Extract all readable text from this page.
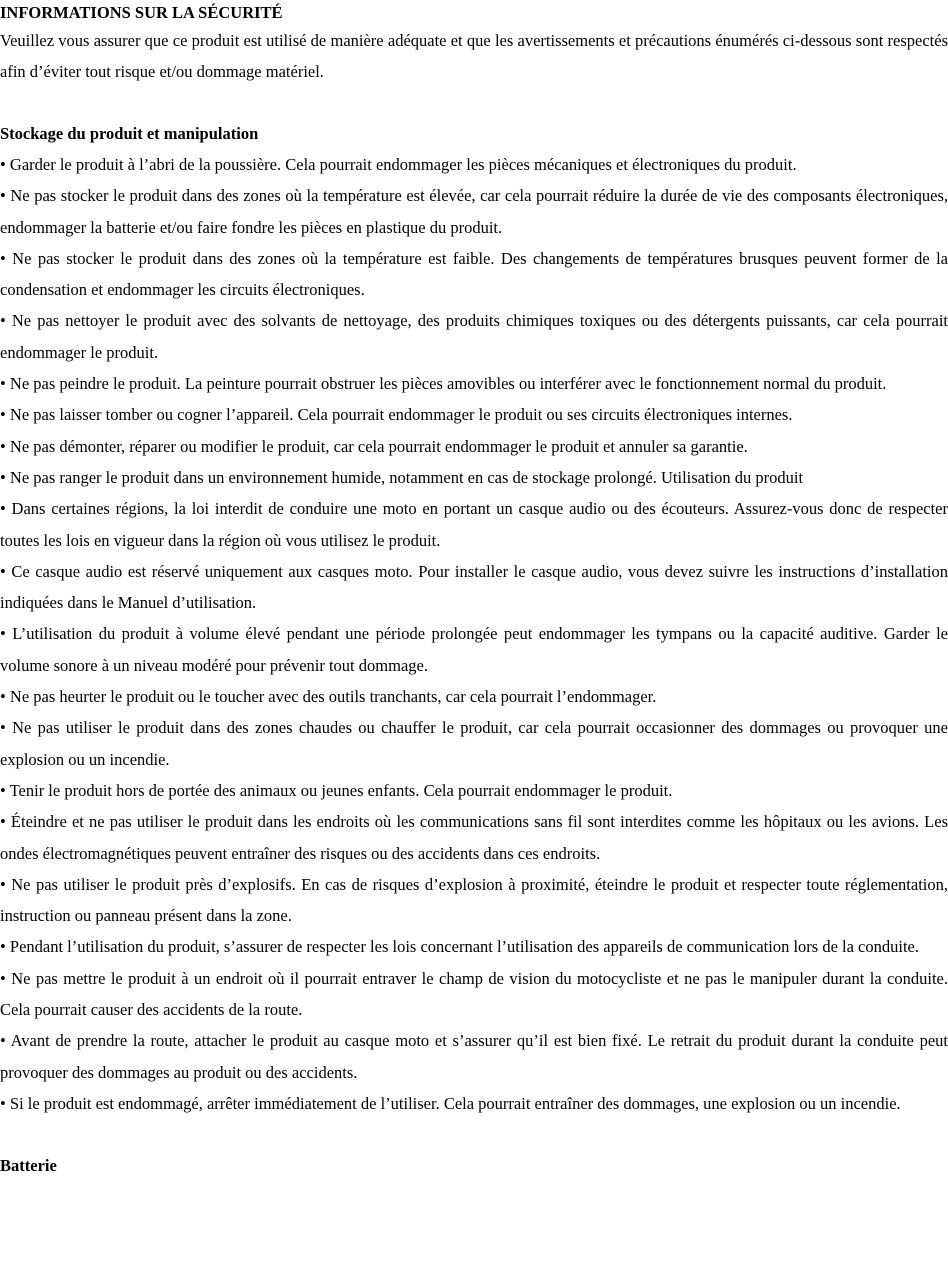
INFORMATIONS SUR LA SÉCURITÉ

Veuillez vous assurer que ce produit est utilisé de manière adéquate et que les avertissements et précautions énumérés ci-dessous sont respectés afin d’éviter tout risque et/ou dommage matériel.

Stockage du produit et manipulation

• Garder le produit à l’abri de la poussière. Cela pourrait endommager les pièces mécaniques et électroniques du produit.
• Ne pas stocker le produit dans des zones où la température est élevée, car cela pourrait réduire la durée de vie des composants électroniques, endommager la batterie et/ou faire fondre les pièces en plastique du produit.
• Ne pas stocker le produit dans des zones où la température est faible. Des changements de températures brusques peuvent former de la condensation et endommager les circuits électroniques.
• Ne pas nettoyer le produit avec des solvants de nettoyage, des produits chimiques toxiques ou des détergents puissants, car cela pourrait endommager le produit.
• Ne pas peindre le produit. La peinture pourrait obstruer les pièces amovibles ou interférer avec le fonctionnement normal du produit.
• Ne pas laisser tomber ou cogner l’appareil. Cela pourrait endommager le produit ou ses circuits électroniques internes.
• Ne pas démonter, réparer ou modifier le produit, car cela pourrait endommager le produit et annuler sa garantie.
• Ne pas ranger le produit dans un environnement humide, notamment en cas de stockage prolongé. Utilisation du produit
• Dans certaines régions, la loi interdit de conduire une moto en portant un casque audio ou des écouteurs. Assurez-vous donc de respecter toutes les lois en vigueur dans la région où vous utilisez le produit.
• Ce casque audio est réservé uniquement aux casques moto. Pour installer le casque audio, vous devez suivre les instructions d’installation indiquées dans le Manuel d’utilisation.
• L’utilisation du produit à volume élevé pendant une période prolongée peut endommager les tympans ou la capacité auditive. Garder le volume sonore à un niveau modéré pour prévenir tout dommage.
• Ne pas heurter le produit ou le toucher avec des outils tranchants, car cela pourrait l’endommager.
• Ne pas utiliser le produit dans des zones chaudes ou chauffer le produit, car cela pourrait occasionner des dommages ou provoquer une explosion ou un incendie.
• Tenir le produit hors de portée des animaux ou jeunes enfants. Cela pourrait endommager le produit.
• Éteindre et ne pas utiliser le produit dans les endroits où les communications sans fil sont interdites comme les hôpitaux ou les avions. Les ondes électromagnétiques peuvent entraîner des risques ou des accidents dans ces endroits.
• Ne pas utiliser le produit près d’explosifs. En cas de risques d’explosion à proximité, éteindre le produit et respecter toute réglementation, instruction ou panneau présent dans la zone.
• Pendant l’utilisation du produit, s’assurer de respecter les lois concernant l’utilisation des appareils de communication lors de la conduite.
• Ne pas mettre le produit à un endroit où il pourrait entraver le champ de vision du motocycliste et ne pas le manipuler durant la conduite. Cela pourrait causer des accidents de la route.
• Avant de prendre la route, attacher le produit au casque moto et s’assurer qu’il est bien fixé. Le retrait du produit durant la conduite peut provoquer des dommages au produit ou des accidents.
• Si le produit est endommagé, arrêter immédiatement de l’utiliser. Cela pourrait entraîner des dommages, une explosion ou un incendie.

Batterie
